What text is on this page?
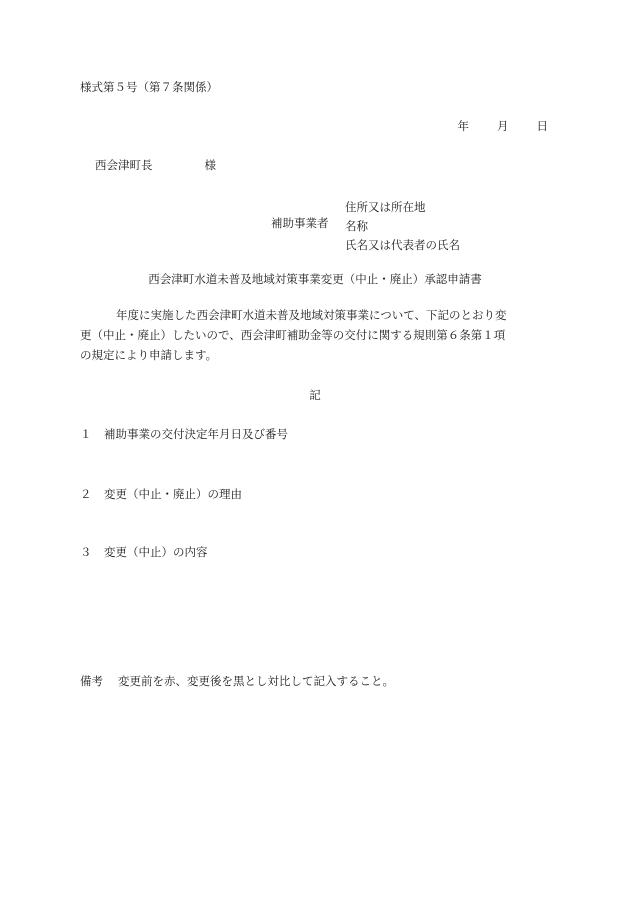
様式第５号（第７条関係）
年 月 日
西会津町長	様
補助事業者
住所又は所在地
名称
氏名又は代表者の氏名
西会津町水道未普及地域対策事業変更（中止・廃止）承認申請書
年度に実施した西会津町水道未普及地域対策事業について、下記のとおり変
更（中止・廃止）したいので、西会津町補助金等の交付に関する規則第６条第１項
の規定により申請します。
記
１	補助事業の交付決定年月日及び番号
２	変更（中止・廃止）の理由
３	変更（中止）の内容
備考	変更前を赤、変更後を黒とし対比して記入すること。
